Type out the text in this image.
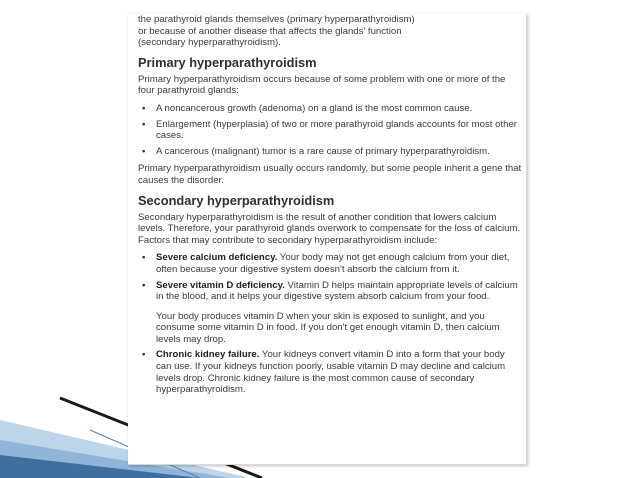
the parathyroid glands themselves (primary hyperparathyroidism)
or because of another disease that affects the glands' function
(secondary hyperparathyroidism).

Primary hyperparathyroidism

Primary hyperparathyroidism occurs because of some problem with one or more of the four parathyroid glands:

• A noncancerous growth (adenoma) on a gland is the most common cause.
• Enlargement (hyperplasia) of two or more parathyroid glands accounts for most other cases.
• A cancerous (malignant) tumor is a rare cause of primary hyperparathyroidism.

Primary hyperparathyroidism usually occurs randomly, but some people inherit a gene that causes the disorder.

Secondary hyperparathyroidism

Secondary hyperparathyroidism is the result of another condition that lowers calcium levels. Therefore, your parathyroid glands overwork to compensate for the loss of calcium. Factors that may contribute to secondary hyperparathyroidism include:

• Severe calcium deficiency. Your body may not get enough calcium from your diet, often because your digestive system doesn't absorb the calcium from it.
• Severe vitamin D deficiency. Vitamin D helps maintain appropriate levels of calcium in the blood, and it helps your digestive system absorb calcium from your food.
Your body produces vitamin D when your skin is exposed to sunlight, and you consume some vitamin D in food. If you don't get enough vitamin D, then calcium levels may drop.
• Chronic kidney failure. Your kidneys convert vitamin D into a form that your body can use. If your kidneys function poorly, usable vitamin D may decline and calcium levels drop. Chronic kidney failure is the most common cause of secondary hyperparathyroidism.
